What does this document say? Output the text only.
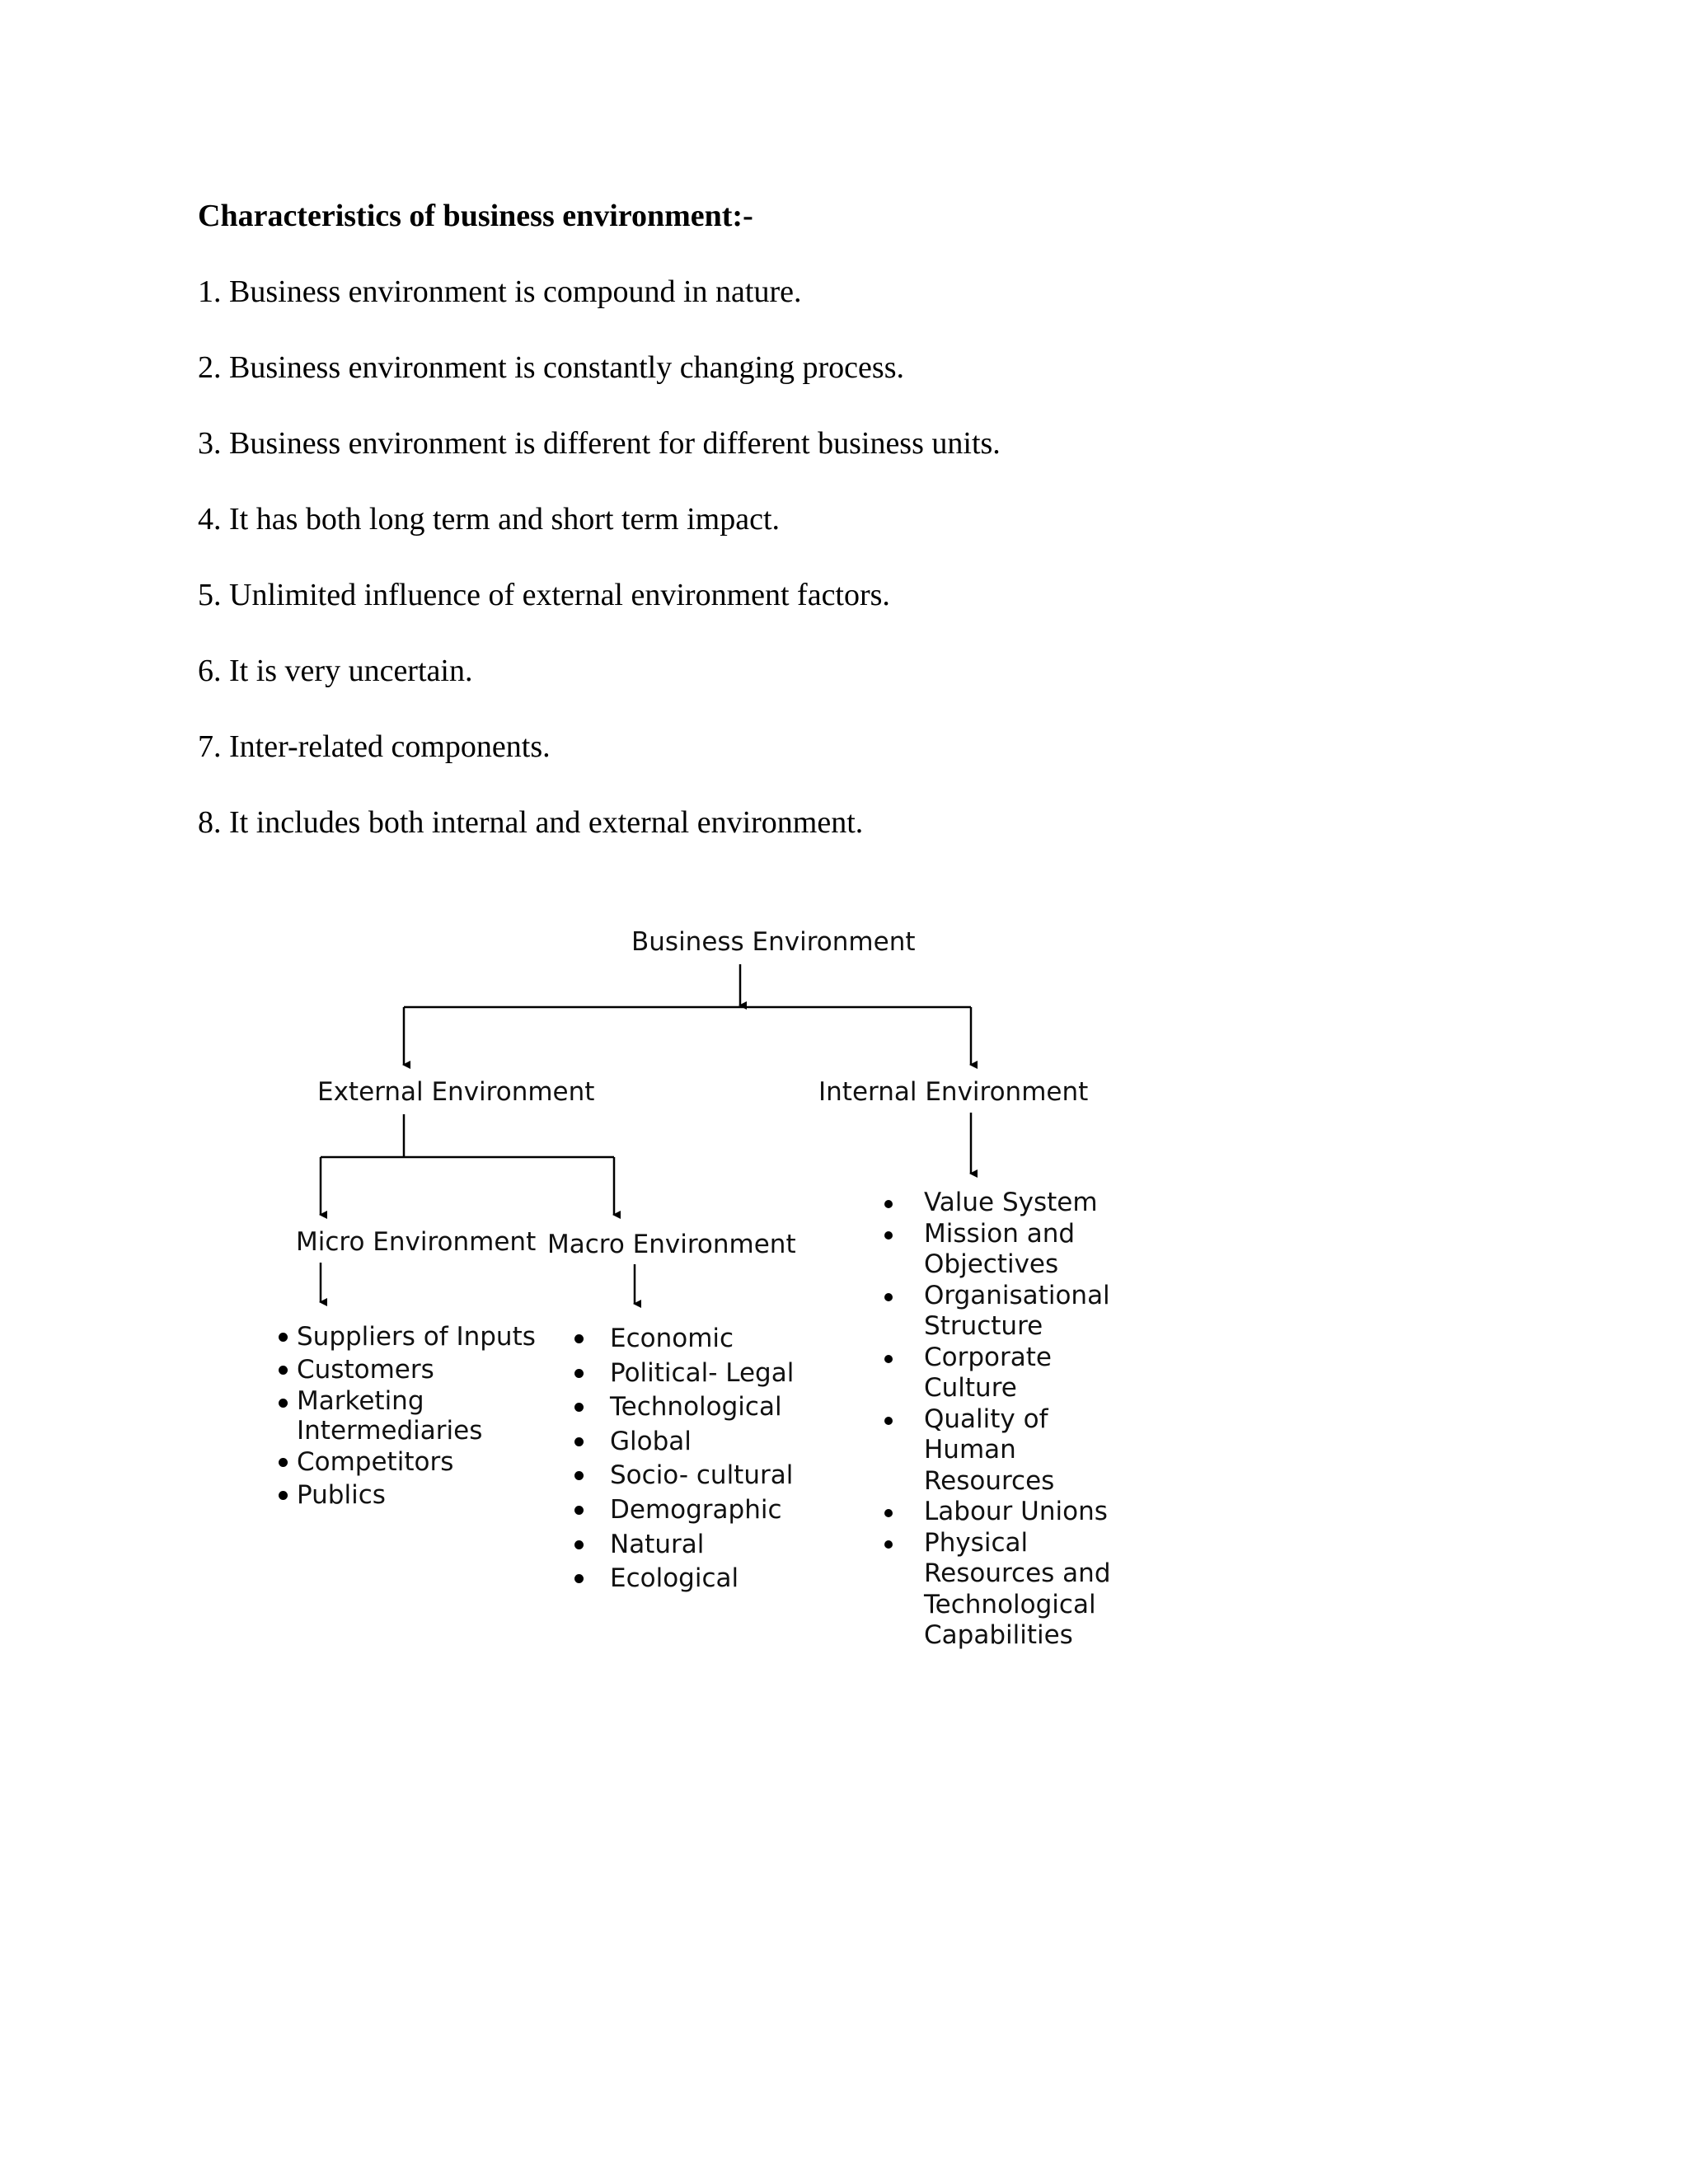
Characteristics of business environment:-
1. Business environment is compound in nature.
2. Business environment is constantly changing process.
3. Business environment is different for different business units.
4. It has both long term and short term impact.
5. Unlimited influence of external environment factors.
6. It is very uncertain.
7. Inter-related components.
8. It includes both internal and external environment.
Business Environment
External Environment	Internal Environment
Micro Environment Macro Environment
Suppliers of Inputs
Customers
Marketing Intermediaries
Competitors
Publics
Economic
Political- Legal
Technological
Global
Socio- cultural
Demographic
Natural
Ecological
Value System
Mission and Objectives
Organisational Structure
Corporate Culture
Quality of Human Resources
Labour Unions
Physical Resources and Technological Capabilities
